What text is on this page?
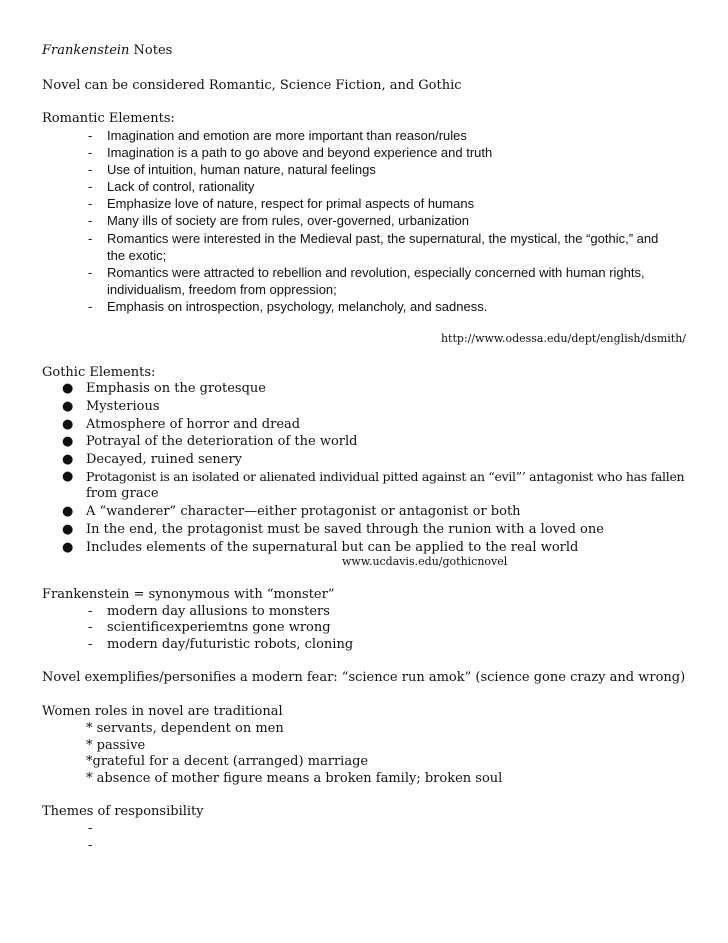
Frankenstein Notes
Novel can be considered Romantic, Science Fiction, and Gothic
Romantic Elements:
- Imagination and emotion are more important than reason/rules
- Imagination is a path to go above and beyond experience and truth
- Use of intuition, human nature, natural feelings
- Lack of control, rationality
- Emphasize love of nature, respect for primal aspects of humans
- Many ills of society are from rules, over-governed, urbanization
- Romantics were interested in the Medieval past, the supernatural, the mystical, the “gothic,” and
the exotic;
- Romantics were attracted to rebellion and revolution, especially concerned with human rights,
individualism, freedom from oppression;
- Emphasis on introspection, psychology, melancholy, and sadness.
http://www.odessa.edu/dept/english/dsmith/
Gothic Elements:
● Emphasis on the grotesque
● Mysterious
● Atmosphere of horror and dread
● Potrayal of the deterioration of the world
● Decayed, ruined senery
● Protagonist is an isolated or alienated individual pitted against an “evil”’ antagonist who has fallen
from grace
● A “wanderer” character—either protagonist or antagonist or both
● In the end, the protagonist must be saved through the runion with a loved one
● Includes elements of the supernatural but can be applied to the real world
www.ucdavis.edu/gothicnovel
Frankenstein = synonymous with “monster”
- modern day allusions to monsters
- scientificexperiemtns gone wrong
- modern day/futuristic robots, cloning
Novel exemplifies/personifies a modern fear: “science run amok” (science gone crazy and wrong)
Women roles in novel are traditional
* servants, dependent on men
* passive
*grateful for a decent (arranged) marriage
* absence of mother figure means a broken family; broken soul
Themes of responsibility
-
-
